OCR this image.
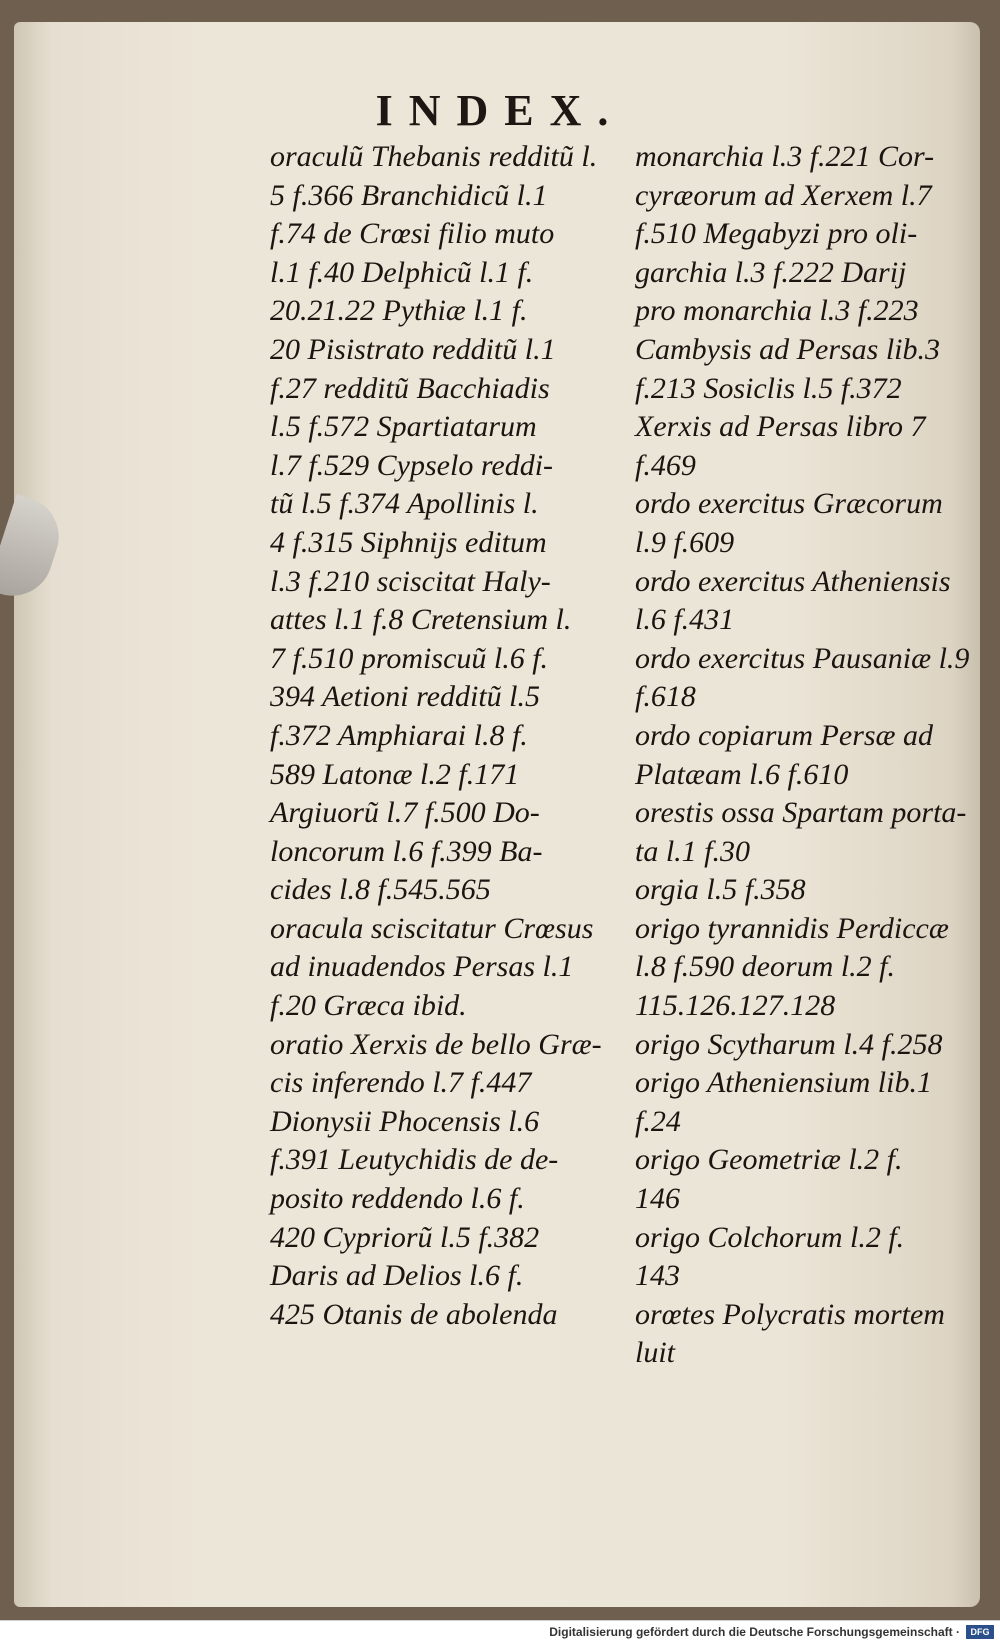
INDEX.
oraculũ Thebanis redditũ l.
5 f.366 Branchidicũ l.1
f.74 de Crœsi filio muto
l.1 f.40 Delphicũ l.1 f.
20.21.22 Pythiæ l.1 f.
20 Pisistrato redditũ l.1
f.27 redditũ Bacchiadis
l.5 f.572 Spartiatarum
l.7 f.529 Cypselo reddi-
tũ l.5 f.374 Apollinis l.
4 f.315 Siphnijs editum
l.3 f.210 sciscitat Haly-
attes l.1 f.8 Cretensium l.
7 f.510 promiscuũ l.6 f.
394 Aetioni redditũ l.5
f.372 Amphiarai l.8 f.
589 Latonæ l.2 f.171
Argiuorũ l.7 f.500 Do-
loncorum l.6 f.399 Ba-
cides l.8 f.545.565
oracula sciscitatur Crœsus
ad inuadendos Persas l.1
f.20 Græca ibid.
oratio Xerxis de bello Græ-
cis inferendo l.7 f.447
Dionysii Phocensis l.6
f.391 Leutychidis de de-
posito reddendo l.6 f.
420 Cypriorũ l.5 f.382
Daris ad Delios l.6 f.
425 Otanis de abolenda
monarchia l.3 f.221 Cor-
cyræorum ad Xerxem l.7
f.510 Megabyzi pro oli-
garchia l.3 f.222 Darij
pro monarchia l.3 f.223
Cambysis ad Persas lib.3
f.213 Sosiclis l.5 f.372
Xerxis ad Persas libro 7
f.469
ordo exercitus Græcorum
l.9 f.609
ordo exercitus Atheniensis
l.6 f.431
ordo exercitus Pausaniæ l.9
f.618
ordo copiarum Persæ ad
Platæam l.6 f.610
orestis ossa Spartam porta-
ta l.1 f.30
orgia l.5 f.358
origo tyrannidis Perdiccæ
l.8 f.590 deorum l.2 f.
115.126.127.128
origo Scytharum l.4 f.258
origo Atheniensium lib.1
f.24
origo Geometriæ l.2 f.
146
origo Colchorum l.2 f.
143
orœtes Polycratis mortem
luit
Digitalisierung gefördert durch die Deutsche Forschungsgemeinschaft ·	DFG
